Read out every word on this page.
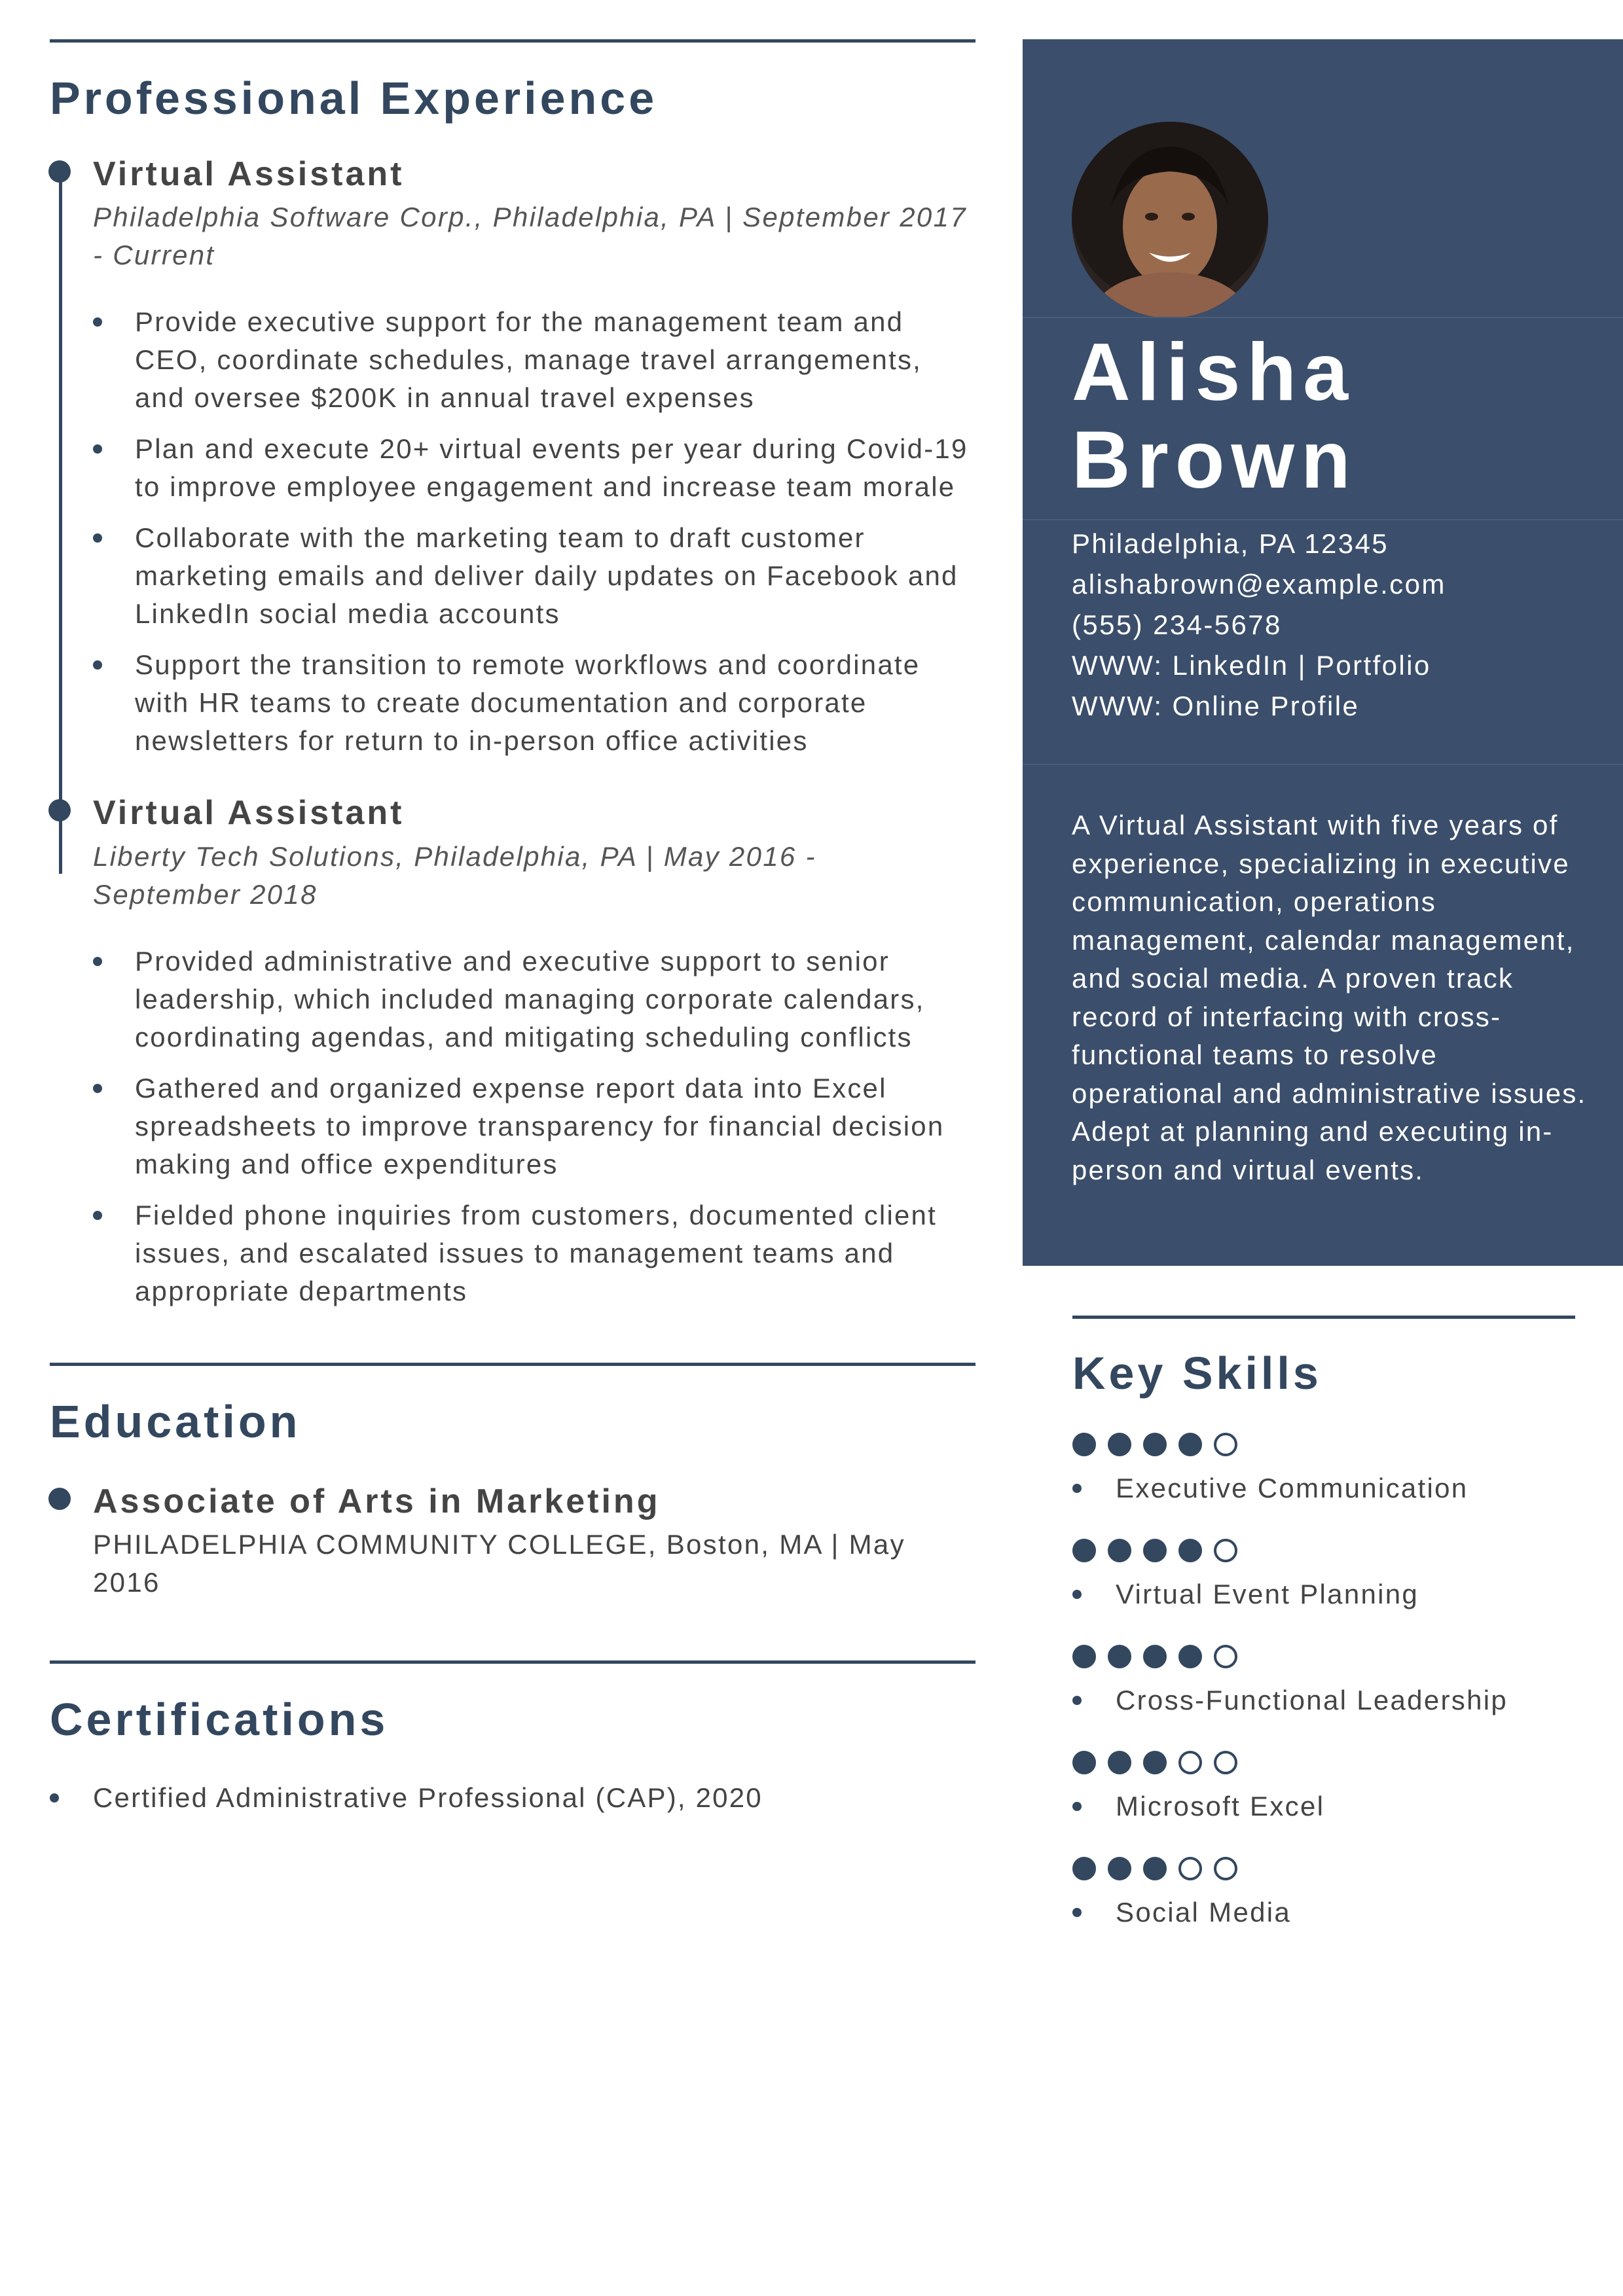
Professional Experience
Virtual Assistant
Philadelphia Software Corp., Philadelphia, PA | September 2017
- Current
Provide executive support for the management team and CEO, coordinate schedules, manage travel arrangements, and oversee $200K in annual travel expenses
Plan and execute 20+ virtual events per year during Covid-19 to improve employee engagement and increase team morale
Collaborate with the marketing team to draft customer marketing emails and deliver daily updates on Facebook and LinkedIn social media accounts
Support the transition to remote workflows and coordinate with HR teams to create documentation and corporate newsletters for return to in-person office activities
Virtual Assistant
Liberty Tech Solutions, Philadelphia, PA | May 2016 -
September 2018
Provided administrative and executive support to senior leadership, which included managing corporate calendars, coordinating agendas, and mitigating scheduling conflicts
Gathered and organized expense report data into Excel spreadsheets to improve transparency for financial decision making and office expenditures
Fielded phone inquiries from customers, documented client issues, and escalated issues to management teams and appropriate departments
Education
Associate of Arts in Marketing
PHILADELPHIA COMMUNITY COLLEGE, Boston, MA | May 2016
Certifications
Certified Administrative Professional (CAP), 2020
Alisha
Brown
Philadelphia, PA 12345
alishabrown@example.com
(555) 234-5678
WWW: LinkedIn | Portfolio
WWW: Online Profile
A Virtual Assistant with five years of experience, specializing in executive communication, operations management, calendar management, and social media. A proven track record of interfacing with cross-functional teams to resolve operational and administrative issues.
Adept at planning and executing in-person and virtual events.
Key Skills
Executive Communication
Virtual Event Planning
Cross-Functional Leadership
Microsoft Excel
Social Media
